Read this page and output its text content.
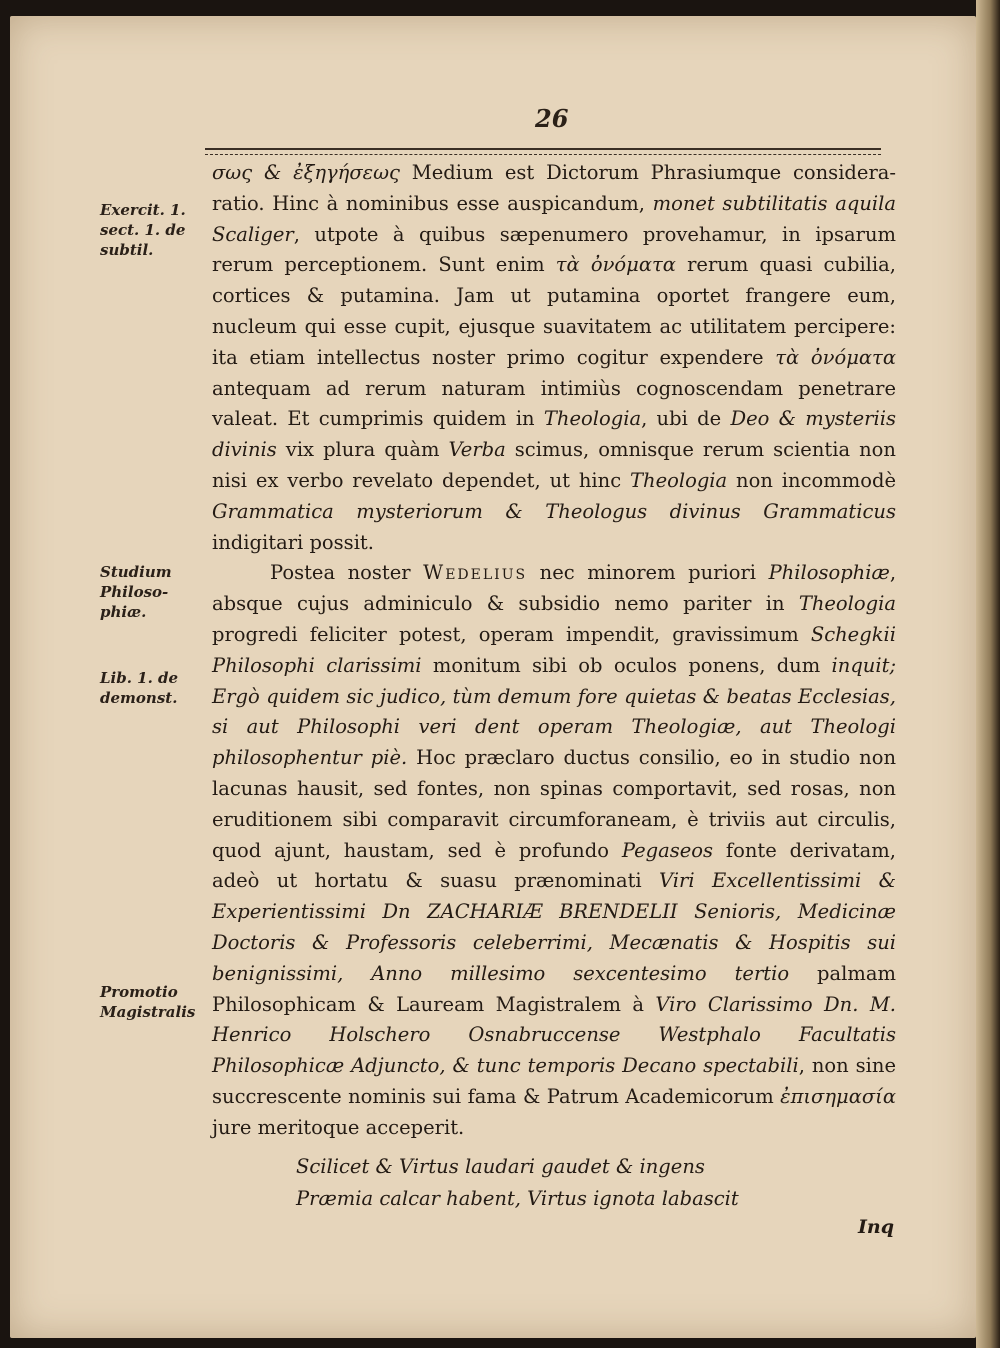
26
Exercit. 1. sect. 1. de subtil.
Studium Philoso-phiæ.
Lib. 1. de demonst.
Promotio Magistralis

σως & ἐξηγήσεως Medium est Dictorum Phrasiumque considera-ratio. Hinc à nominibus esse auspicandum, monet subtilitatis aquila Scaliger, utpote à quibus sæpenumero provehamur, in ipsarum rerum perceptionem. Sunt enim τὰ ὀνόματα rerum quasi cubilia, cortices & putamina. Jam ut putamina oportet frangere eum, nucleum qui esse cupit, ejusque suavitatem ac utilitatem percipere: ita etiam intellectus noster primo cogitur expendere τὰ ὀνόματα antequam ad rerum naturam intimiùs cognoscendam penetrare valeat. Et cumprimis quidem in Theologia, ubi de Deo & mysteriis divinis vix plura quàm Verba scimus, omnisque rerum scientia non nisi ex verbo revelato dependet, ut hinc Theologia non incommodè Grammatica mysteriorum & Theologus divinus Grammaticus indigitari possit.

Postea noster Wedelius nec minorem puriori Philosophiæ, absque cujus adminiculo & subsidio nemo pariter in Theologia progredi feliciter potest, operam impendit, gravissimum Schegkii Philosophi clarissimi monitum sibi ob oculos ponens, dum inquit; Ergò quidem sic judico, tùm demum fore quietas & beatas Ecclesias, si aut Philosophi veri dent operam Theologiæ, aut Theologi philosophentur piè. Hoc præclaro ductus consilio, eo in studio non lacunas hausit, sed fontes, non spinas comportavit, sed rosas, non eruditionem sibi comparavit circumforaneam, è triviis aut circulis, quod ajunt, haustam, sed è profundo Pegaseos fonte derivatam, adeò ut hortatu & suasu prænominati Viri Excellentissimi & Experientissimi Dn ZACHARIÆ BRENDELII Senioris, Medicinæ Doctoris & Professoris celeberrimi, Mecænatis & Hospitis sui benignissimi, Anno millesimo sexcentesimo tertio palmam Philosophicam & Lauream Magistralem à Viro Clarissimo Dn. M. Henrico Holschero Osnabruccense Westphalo Facultatis Philosophicæ Adjuncto, & tunc temporis Decano spectabili, non sine succrescente nominis sui fama & Patrum Academicorum ἐπισημασία jure meritoque acceperit.

Scilicet & Virtus laudari gaudet & ingens
Præmia calcar habent, Virtus ignota labascit
Inq
